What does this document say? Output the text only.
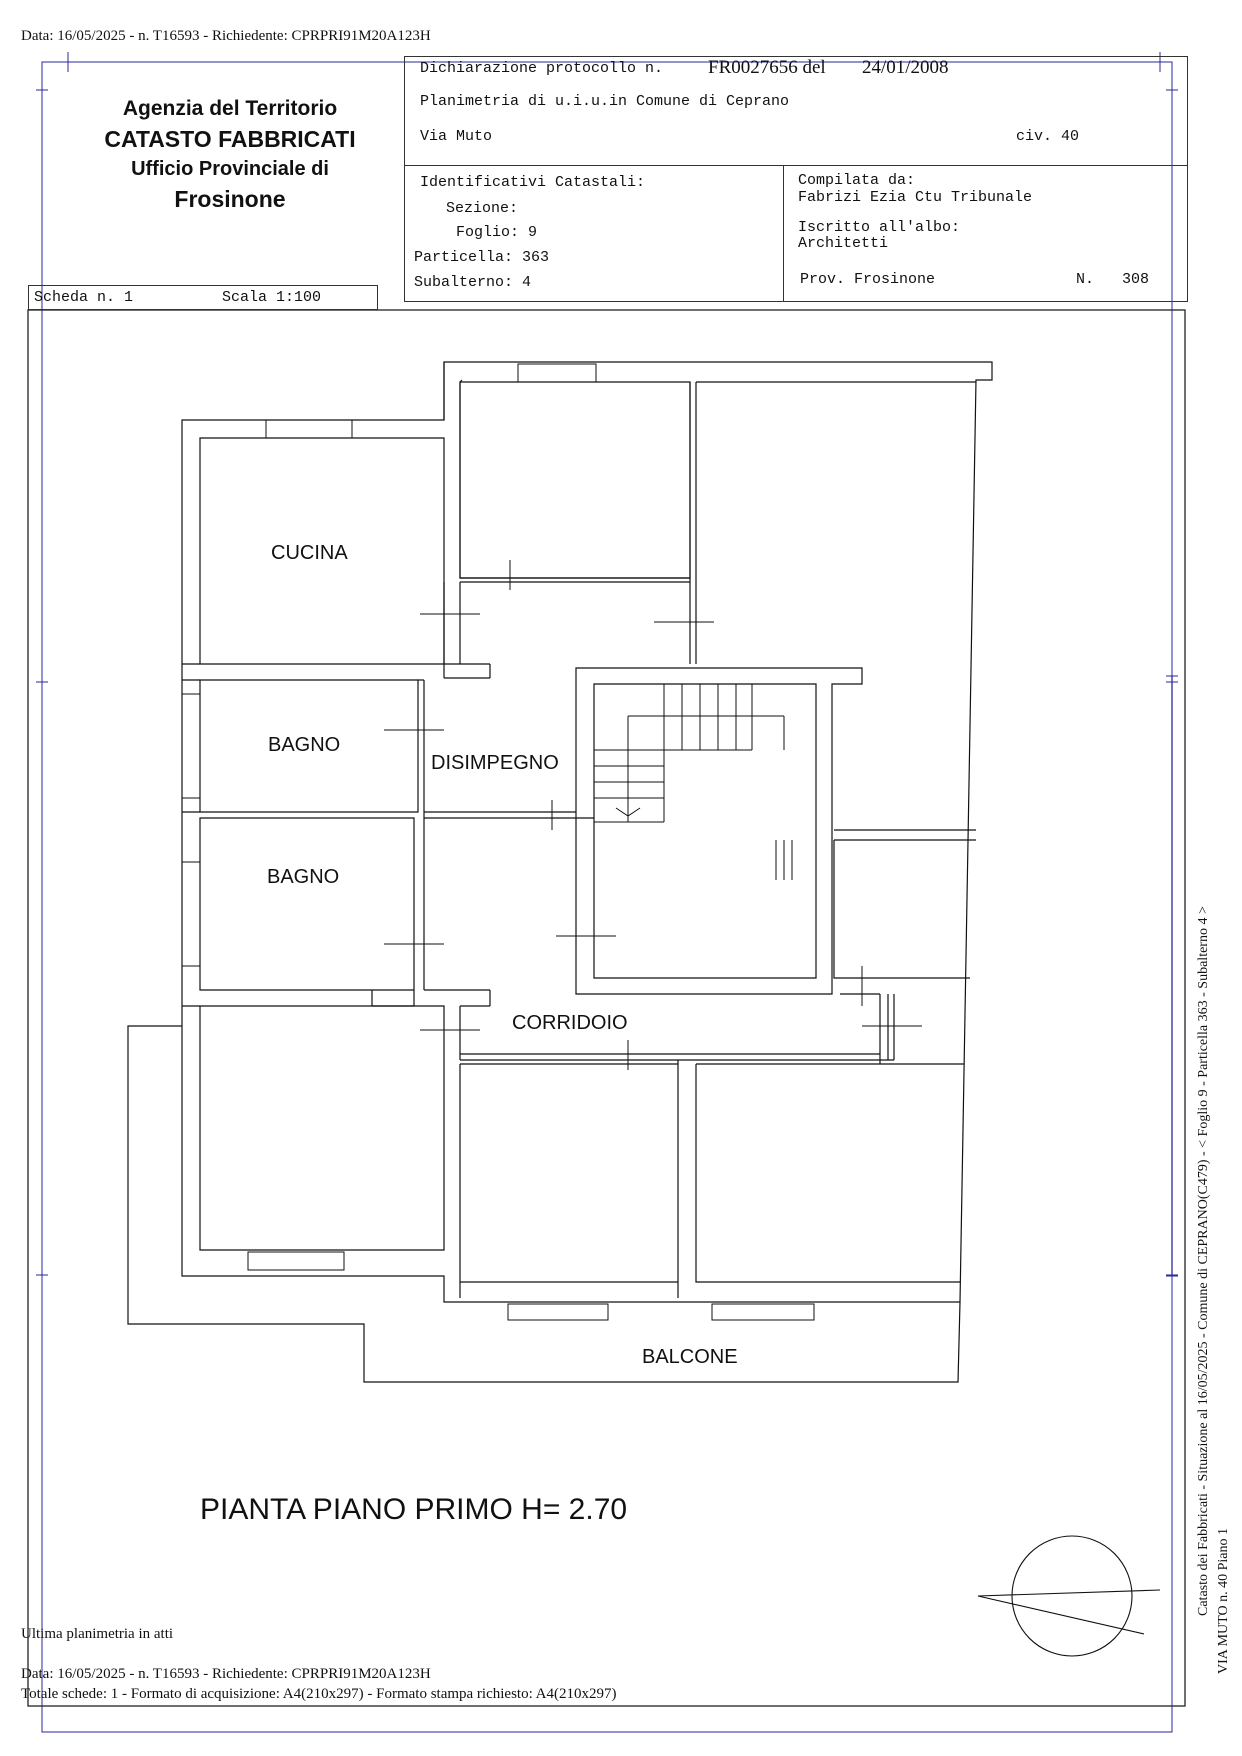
Data: 16/05/2025 - n. T16593 - Richiedente: CPRPRI91M20A123H
Agenzia del Territorio
CATASTO FABBRICATI
Ufficio Provinciale di
Frosinone
Dichiarazione protocollo n. FR0027656 del 24/01/2008
Planimetria di u.i.u.in Comune di Ceprano
Via Muto	civ. 40
Identificativi Catastali:
Sezione:
Foglio: 9
Particella: 363
Subalterno: 4
Compilata da:
Fabrizi Ezia Ctu Tribunale
Iscritto all'albo:
Architetti
Prov. Frosinone	N. 308
Scheda n. 1	Scala 1:100
CUCINA
BAGNO
BAGNO
DISIMPEGNO
CORRIDOIO
BALCONE
PIANTA PIANO PRIMO H= 2.70	Catasto dei Fabbricati - Situazione al 16/05/2025 - Comune di CEPRANO(C479) - < Foglio 9 - Particella 363 - Subalterno 4 > VIA MUTO n. 40 Piano 1
Ultima planimetria in atti
Data: 16/05/2025 - n. T16593 - Richiedente: CPRPRI91M20A123H
Totale schede: 1 - Formato di acquisizione: A4(210x297) - Formato stampa richiesto: A4(210x297)
